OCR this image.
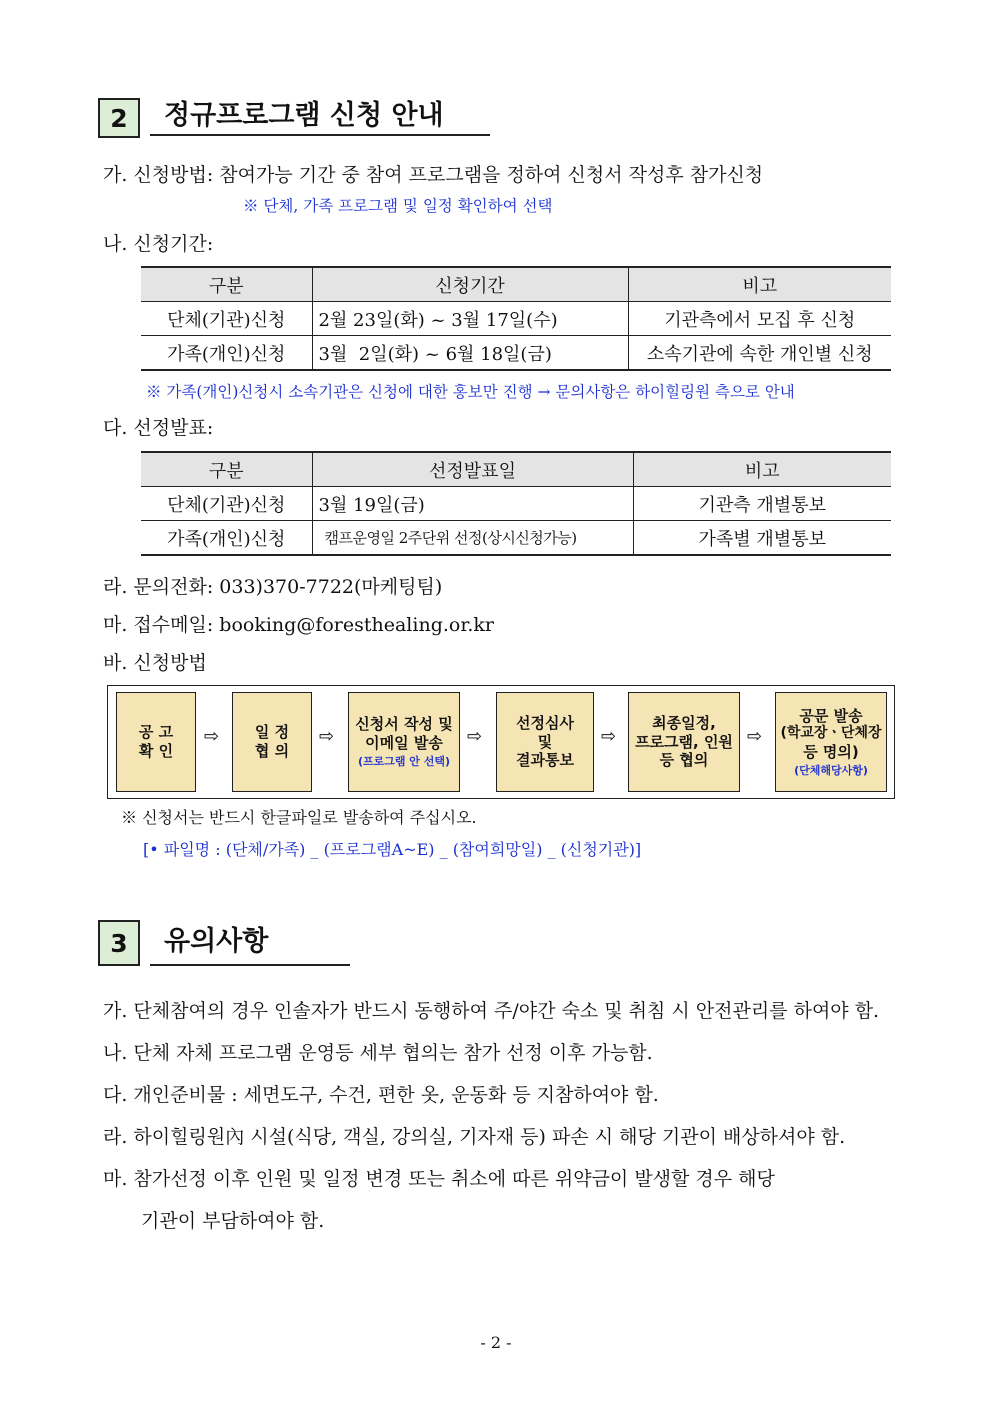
2	정규프로그램 신청 안내
가. 신청방법: 참여가능 기간 중 참여 프로그램을 정하여 신청서 작성후 참가신청
※ 단체, 가족 프로그램 및 일정 확인하여 선택
나. 신청기간:
구분	신청기간	비고
단체(기관)신청	2월 23일(화) ~ 3월 17일(수)	기관측에서 모집 후 신청
가족(개인)신청	3월  2일(화) ~ 6월 18일(금)	소속기관에 속한 개인별 신청
※ 가족(개인)신청시 소속기관은 신청에 대한 홍보만 진행 → 문의사항은 하이힐링원 측으로 안내
다. 선정발표:
구분	선정발표일	비고
단체(기관)신청	3월 19일(금)	기관측 개별통보
가족(개인)신청	캠프운영일 2주단위 선정(상시신청가능)	가족별 개별통보
라. 문의전화: 033)370-7722(마케팅팀)
마. 접수메일: booking@foresthealing.or.kr
바. 신청방법
공 고
확 인
⇨ 일 정
협 의
⇨
신청서 작성 및
이메일 발송
(프로그램 안 선택)
⇨
선정심사
및
결과통보
⇨
최종일정,
프로그램, 인원
등 협의
⇨
공문 발송
(학교장ㆍ단체장
등 명의)
(단체해당사항)
※ 신청서는 반드시 한글파일로 발송하여 주십시오.
[• 파일명 : (단체/가족) _ (프로그램A~E) _ (참여희망일) _ (신청기관)]
3	유의사항
가. 단체참여의 경우 인솔자가 반드시 동행하여 주/야간 숙소 및 취침 시 안전관리를 하여야 함.
나. 단체 자체 프로그램 운영등 세부 협의는 참가 선정 이후 가능함.
다. 개인준비물 : 세면도구, 수건, 편한 옷, 운동화 등 지참하여야 함.
라. 하이힐링원內 시설(식당, 객실, 강의실, 기자재 등) 파손 시 해당 기관이 배상하셔야 함.
마. 참가선정 이후 인원 및 일정 변경 또는 취소에 따른 위약금이 발생할 경우 해당
기관이 부담하여야 함.
- 2 -
